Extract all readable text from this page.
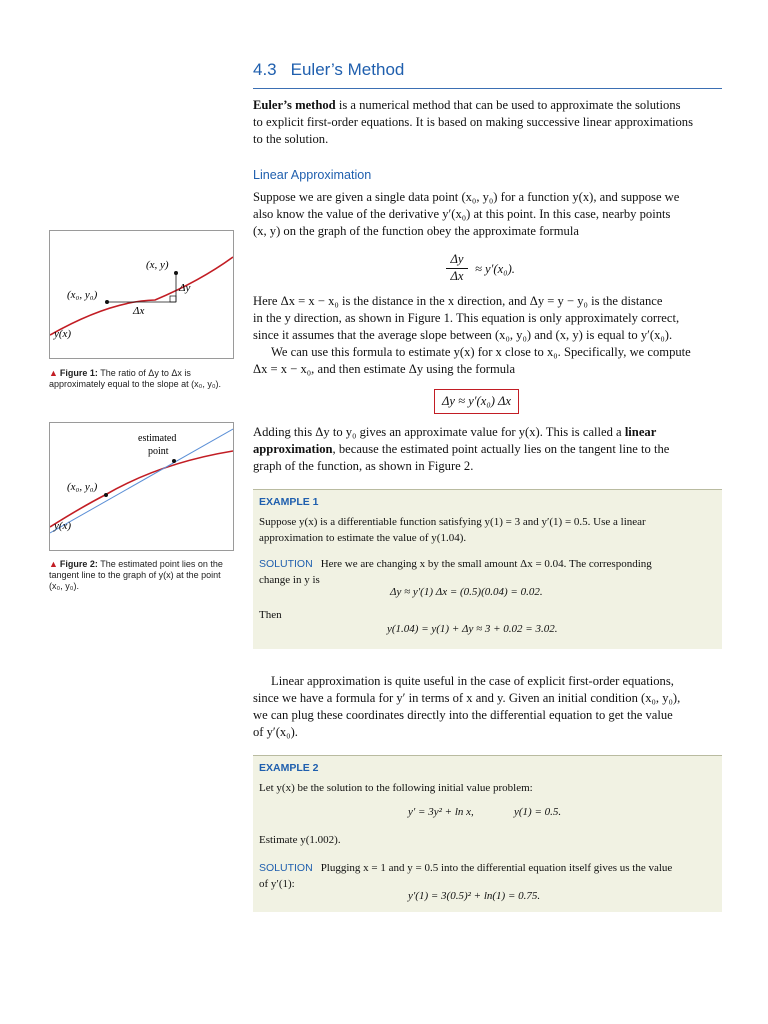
4.3 Euler’s Method
Euler’s method is a numerical method that can be used to approximate the solutions
to explicit first-order equations. It is based on making successive linear approximations
to the solution.
Linear Approximation
Suppose we are given a single data point (x₀, y₀) for a function y(x), and suppose we
also know the value of the derivative y′(x₀) at this point. In this case, nearby points
(x, y) on the graph of the function obey the approximate formula
$\frac{\Delta y}{\Delta x} \approx y'(x_0)$.
Here Δx = x − x₀ is the distance in the x direction, and Δy = y − y₀ is the distance
in the y direction, as shown in Figure 1. This equation is only approximately correct,
since it assumes that the average slope between (x₀, y₀) and (x, y) is equal to y′(x₀).
We can use this formula to estimate y(x) for x close to x₀. Specifically, we compute
Δx = x − x₀, and then estimate Δy using the formula
Δy ≈ y′(x₀) Δx
Adding this Δy to y₀ gives an approximate value for y(x). This is called a linear
approximation, because the estimated point actually lies on the tangent line to the
graph of the function, as shown in Figure 2.
(x, y)
(x₀, y₀)
Δy
Δx
y(x)
▲ Figure 1: The ratio of Δy to Δx is
approximately equal to the slope at (x₀, y₀).
estimated
point
(x₀, y₀)
y(x)
▲ Figure 2: The estimated point lies on the
tangent line to the graph of y(x) at the point
(x₀, y₀).
EXAMPLE 1
Suppose y(x) is a differentiable function satisfying y(1) = 3 and y′(1) = 0.5. Use a linear
approximation to estimate the value of y(1.04).
SOLUTION Here we are changing x by the small amount Δx = 0.04. The corresponding
change in y is
Δy ≈ y′(1) Δx = (0.5)(0.04) = 0.02.
Then
y(1.04) = y(1) + Δy ≈ 3 + 0.02 = 3.02.
Linear approximation is quite useful in the case of explicit first-order equations,
since we have a formula for y′ in terms of x and y. Given an initial condition (x₀, y₀),
we can plug these coordinates directly into the differential equation to get the value
of y′(x₀).
EXAMPLE 2
Let y(x) be the solution to the following initial value problem:
y′ = 3y² + ln x,	y(1) = 0.5.
Estimate y(1.002).
SOLUTION Plugging x = 1 and y = 0.5 into the differential equation itself gives us the value
of y′(1):
y′(1) = 3(0.5)² + ln(1) = 0.75.
